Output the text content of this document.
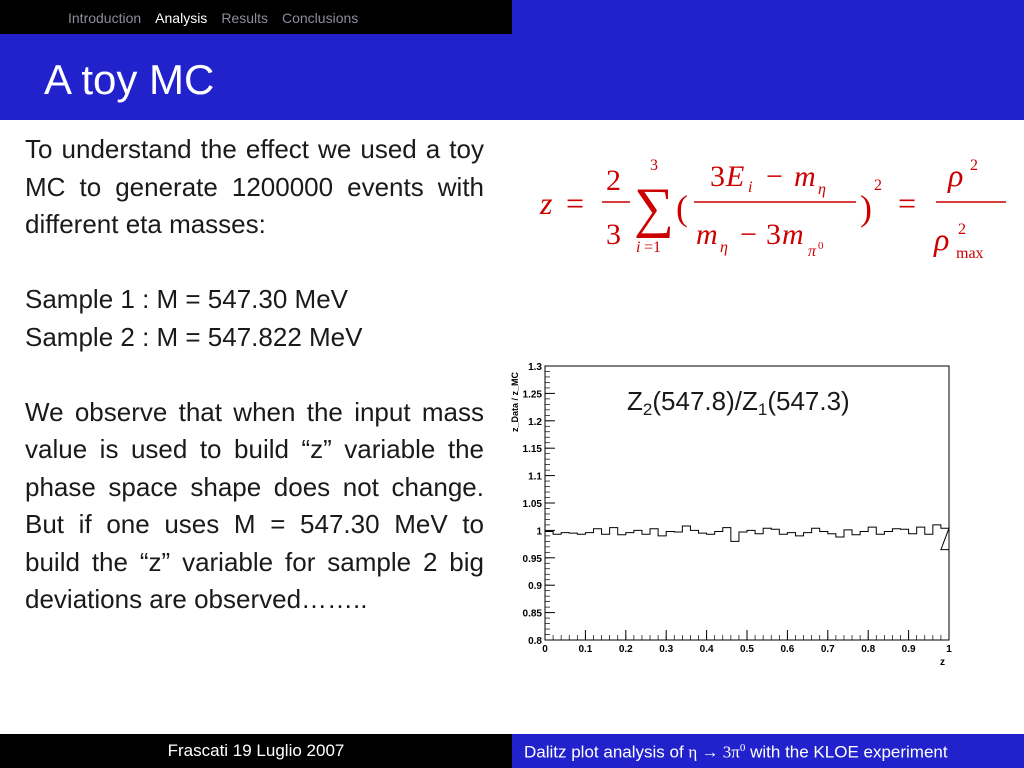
Introduction Analysis Results Conclusions
A toy MC

To understand the effect we used a toy MC to generate 1200000 events with different eta masses:

Sample 1 : M = 547.30 MeV

Sample 2 : M = 547.822 MeV

We observe that when the input mass value is used to build “z” variable the phase space shape does not change. But if one uses M = 547.30 MeV to build the “z” variable for sample 2 big deviations are observed……..

z =
2
3
3
∑
i =1
(
3 E i − m η
m η − 3 m
π 0
)
2 =
ρ 2
ρ 2
max
0.8
0.85
0.9
0.95
1
1.05
1.1
1.15
1.2
1.25
1.3
0	0.1	0.2	0.3	0.4	0.5	0.6	0.7	0.8	0.9	1
z
z_Data / z_MC	$Z_2(547.8)/Z_1(547.3)$
Frascati 19 Luglio 2007	Dalitz plot analysis of $\eta \to 3\pi^0$ with the KLOE experiment
